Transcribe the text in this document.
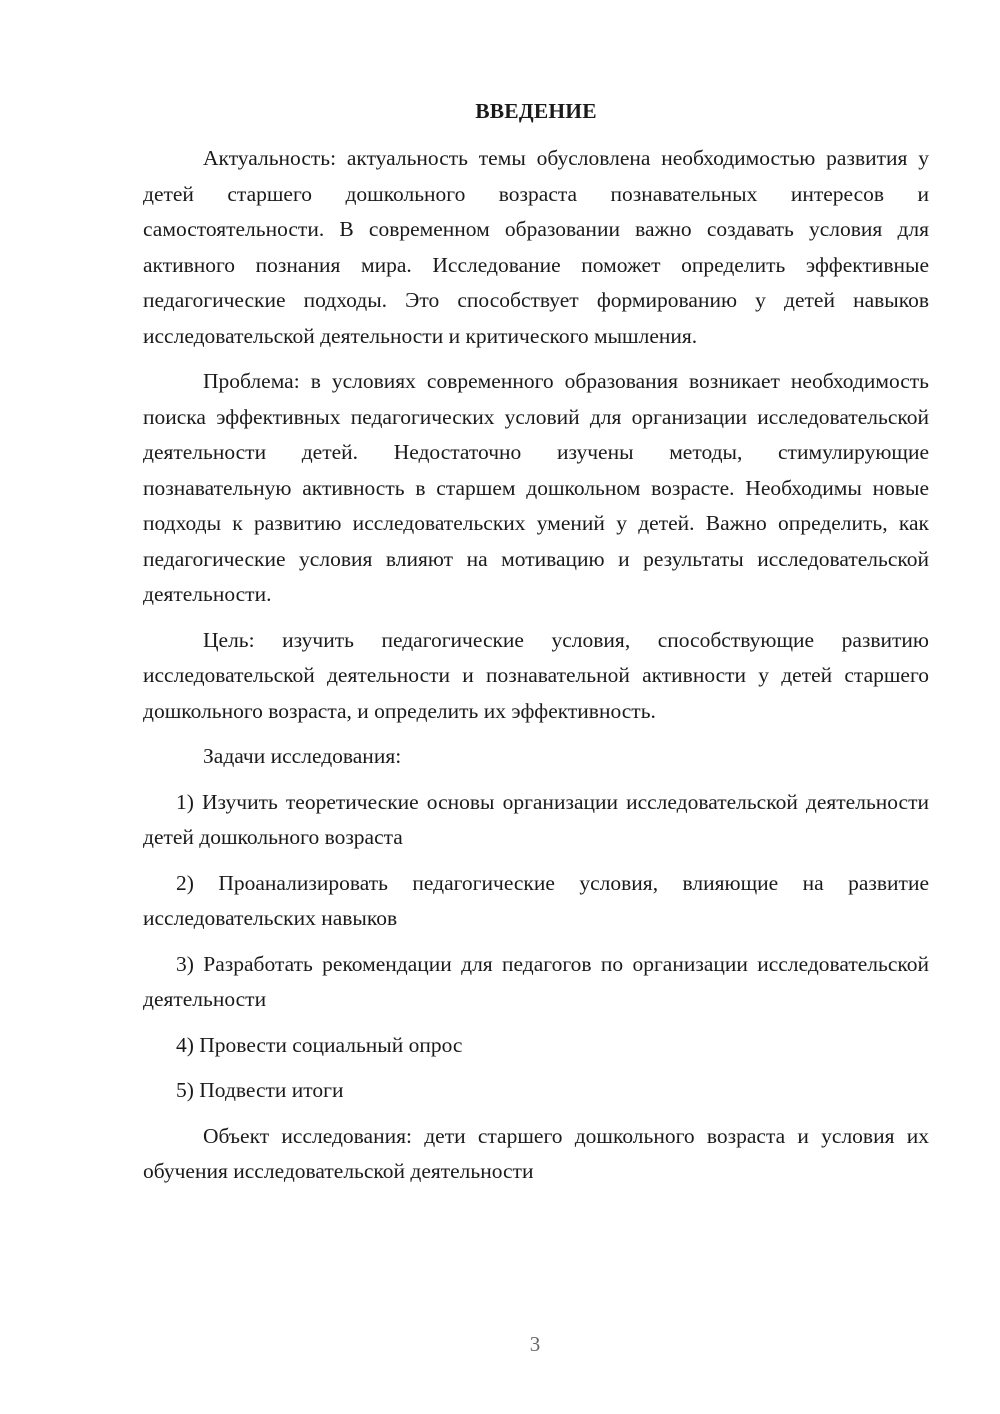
ВВЕДЕНИЕ

Актуальность: актуальность темы обусловлена необходимостью развития у детей старшего дошкольного возраста познавательных интересов и самостоятельности. В современном образовании важно создавать условия для активного познания мира. Исследование поможет определить эффективные педагогические подходы. Это способствует формированию у детей навыков исследовательской деятельности и критического мышления.

Проблема: в условиях современного образования возникает необходимость поиска эффективных педагогических условий для организации исследовательской деятельности детей. Недостаточно изучены методы, стимулирующие познавательную активность в старшем дошкольном возрасте. Необходимы новые подходы к развитию исследовательских умений у детей. Важно определить, как педагогические условия влияют на мотивацию и результаты исследовательской деятельности.

Цель: изучить педагогические условия, способствующие развитию исследовательской деятельности и познавательной активности у детей старшего дошкольного возраста, и определить их эффективность.

Задачи исследования:

1) Изучить теоретические основы организации исследовательской деятельности детей дошкольного возраста

2) Проанализировать педагогические условия, влияющие на развитие исследовательских навыков

3) Разработать рекомендации для педагогов по организации исследовательской деятельности

4) Провести социальный опрос

5) Подвести итоги

Объект исследования: дети старшего дошкольного возраста и условия их обучения исследовательской деятельности

3
